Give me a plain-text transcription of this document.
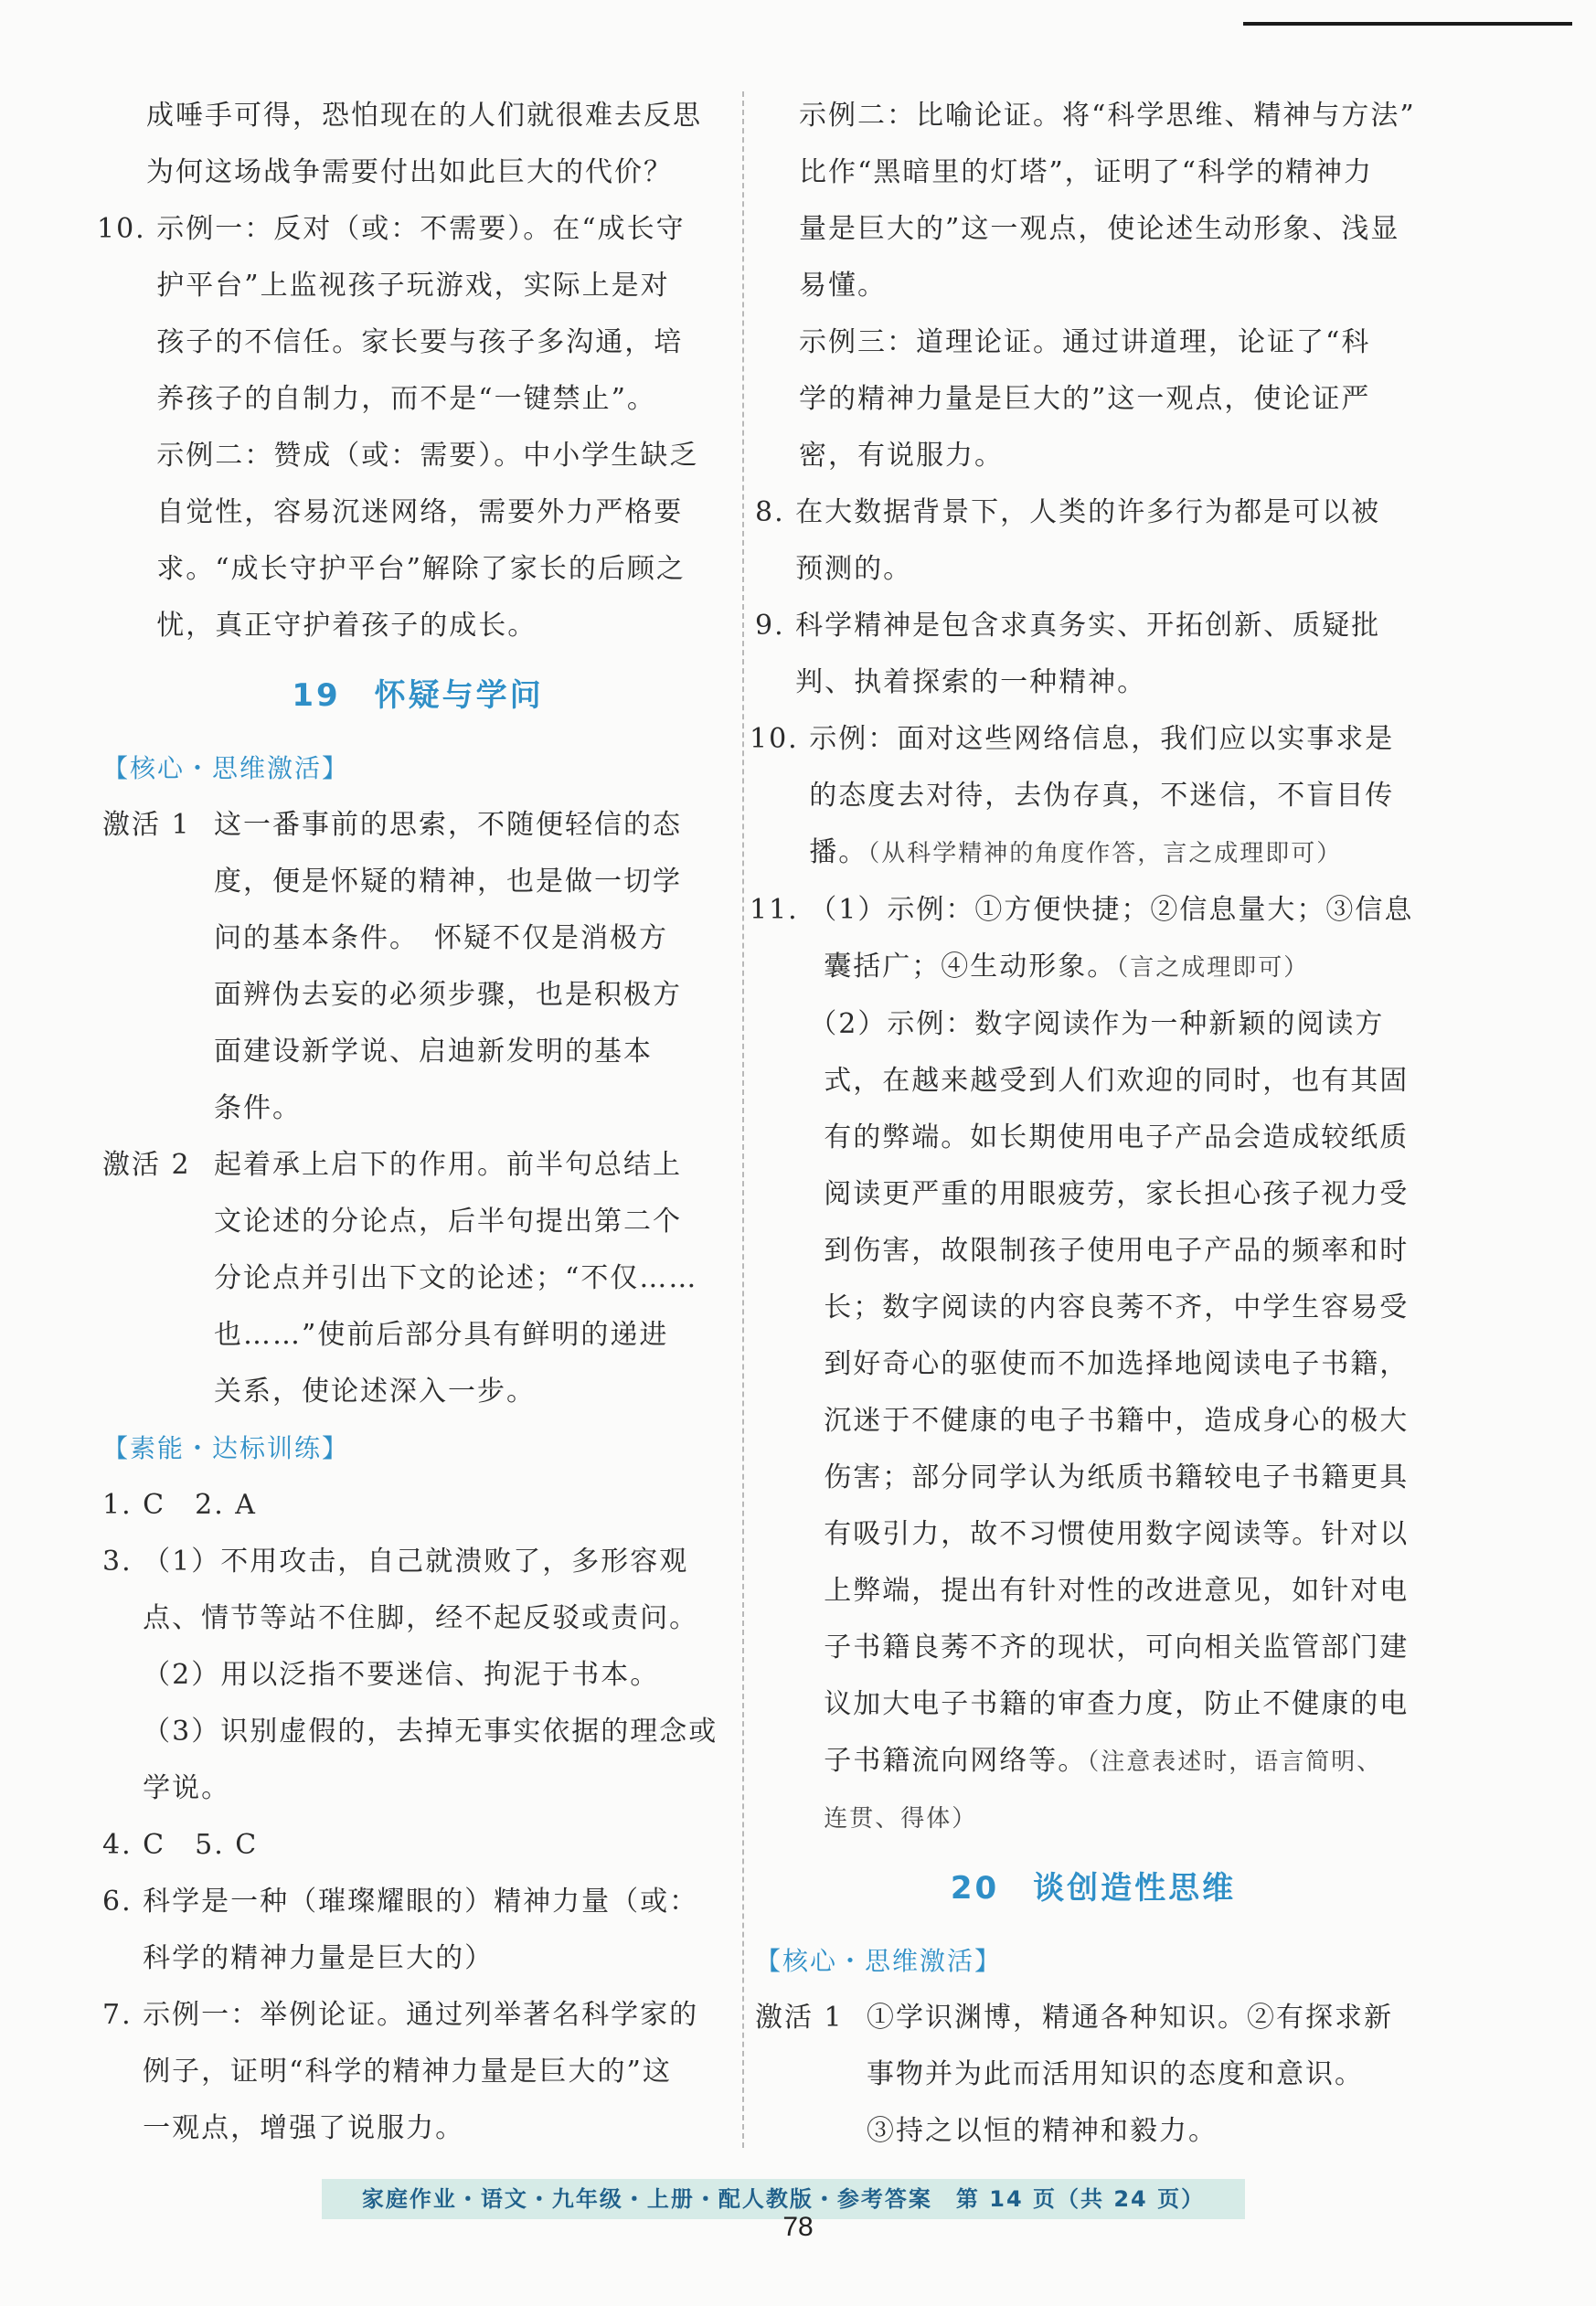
成唾手可得，恐怕现在的人们就很难去反思
为何这场战争需要付出如此巨大的代价？
10. 示例一：反对（或：不需要）。在“成长守
护平台”上监视孩子玩游戏，实际上是对
孩子的不信任。家长要与孩子多沟通，培
养孩子的自制力，而不是“一键禁止”。
示例二：赞成（或：需要）。中小学生缺乏
自觉性，容易沉迷网络，需要外力严格要
求。“成长守护平台”解除了家长的后顾之
忧，真正守护着孩子的成长。
19　怀疑与学问
【核心・思维激活】
激活 1 这一番事前的思索，不随便轻信的态
度，便是怀疑的精神，也是做一切学
问的基本条件。　怀疑不仅是消极方
面辨伪去妄的必须步骤，也是积极方
面建设新学说、启迪新发明的基本
条件。
激活 2 起着承上启下的作用。前半句总结上
文论述的分论点，后半句提出第二个
分论点并引出下文的论述；“不仅……
也……”使前后部分具有鲜明的递进
关系，使论述深入一步。
【素能・达标训练】
1. C　2. A
3. （1）不用攻击，自己就溃败了，多形容观
点、情节等站不住脚，经不起反驳或责问。
（2）用以泛指不要迷信、拘泥于书本。
（3）识别虚假的，去掉无事实依据的理念或
学说。
4. C　5. C
6. 科学是一种（璀璨耀眼的）精神力量（或：
科学的精神力量是巨大的）
7. 示例一：举例论证。通过列举著名科学家的
例子，证明“科学的精神力量是巨大的”这
一观点，增强了说服力。
示例二：比喻论证。将“科学思维、精神与方法”
比作“黑暗里的灯塔”，证明了“科学的精神力
量是巨大的”这一观点，使论述生动形象、浅显
易懂。
示例三：道理论证。通过讲道理，论证了“科
学的精神力量是巨大的”这一观点，使论证严
密，有说服力。
8. 在大数据背景下，人类的许多行为都是可以被
预测的。
9. 科学精神是包含求真务实、开拓创新、质疑批
判、执着探索的一种精神。
10. 示例：面对这些网络信息，我们应以实事求是
的态度去对待，去伪存真，不迷信，不盲目传
播。（从科学精神的角度作答，言之成理即可）
11. （1）示例：①方便快捷；②信息量大；③信息
囊括广；④生动形象。（言之成理即可）
（2）示例：数字阅读作为一种新颖的阅读方
式，在越来越受到人们欢迎的同时，也有其固
有的弊端。如长期使用电子产品会造成较纸质
阅读更严重的用眼疲劳，家长担心孩子视力受
到伤害，故限制孩子使用电子产品的频率和时
长；数字阅读的内容良莠不齐，中学生容易受
到好奇心的驱使而不加选择地阅读电子书籍，
沉迷于不健康的电子书籍中，造成身心的极大
伤害；部分同学认为纸质书籍较电子书籍更具
有吸引力，故不习惯使用数字阅读等。针对以
上弊端，提出有针对性的改进意见，如针对电
子书籍良莠不齐的现状，可向相关监管部门建
议加大电子书籍的审查力度，防止不健康的电
子书籍流向网络等。（注意表述时，语言简明、
连贯、得体）
20　谈创造性思维
【核心・思维激活】
激活 1 ①学识渊博，精通各种知识。②有探求新
事物并为此而活用知识的态度和意识。
③持之以恒的精神和毅力。
家庭作业・语文・九年级・上册・配人教版・参考答案　第 14 页（共 24 页）
78
